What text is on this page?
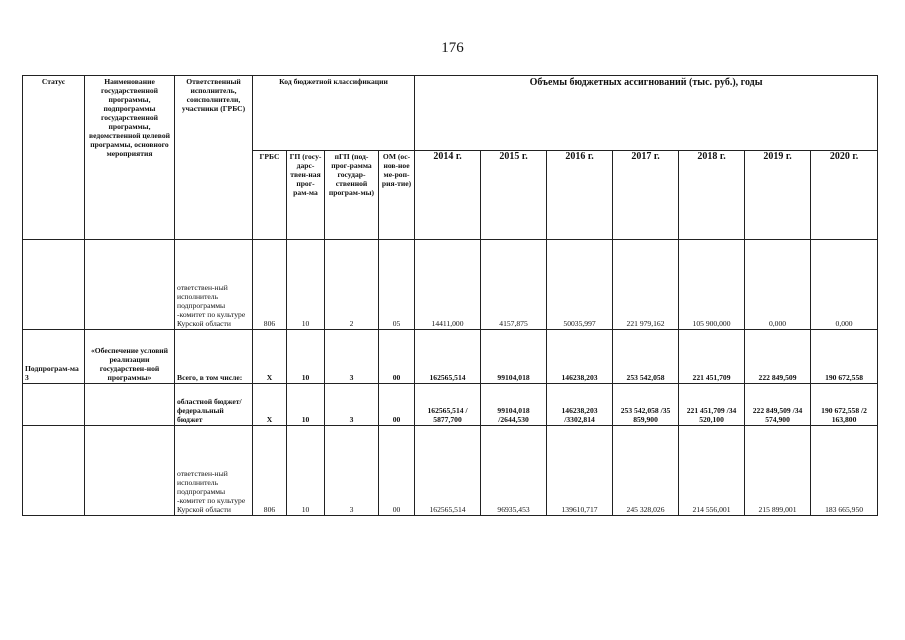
176
Статус	Наименование государственной программы, подпрограммы государственной программы, ведомственной целевой программы, основного мероприятия	Ответственный исполнитель, соисполнители, участники (ГРБС)	Код бюджетной классификации				Объемы бюджетных ассигнований (тыс. руб.), годы						
			ГРБС	ГП (госу-дарс-твен-ная прог-рам-ма	пГП (под-прог-рамма государ-ственной програм-мы)	ОМ (ос-нов-ное ме-роп-рия-тие)	2014 г.	2015 г.	2016 г.	2017 г.	2018 г.	2019 г.	2020 г.
		ответствен-ный исполнитель подпрограммы -комитет по культуре Курской области	806	10	2	05	14411,000	4157,875	50035,997	221 979,162	105 900,000	0,000	0,000
Подпрограм-ма 3	«Обеспечение условий реализации государствен-ной программы»	Всего, в том числе:	X	10	3	00	162565,514	99104,018	146238,203	253 542,058	221 451,709	222 849,509	190 672,558
		областной бюджет/ федеральный бюджет	X	10	3	00	162565,514 / 5877,700	99104,018 /2644,530	146238,203 /3302,814	253 542,058 /35 859,900	221 451,709 /34 520,100	222 849,509 /34 574,900	190 672,558 /2 163,800
		ответствен-ный исполнитель подпрограммы -комитет по культуре Курской области	806	10	3	00	162565,514	96935,453	139610,717	245 328,026	214 556,001	215 899,001	183 665,950
